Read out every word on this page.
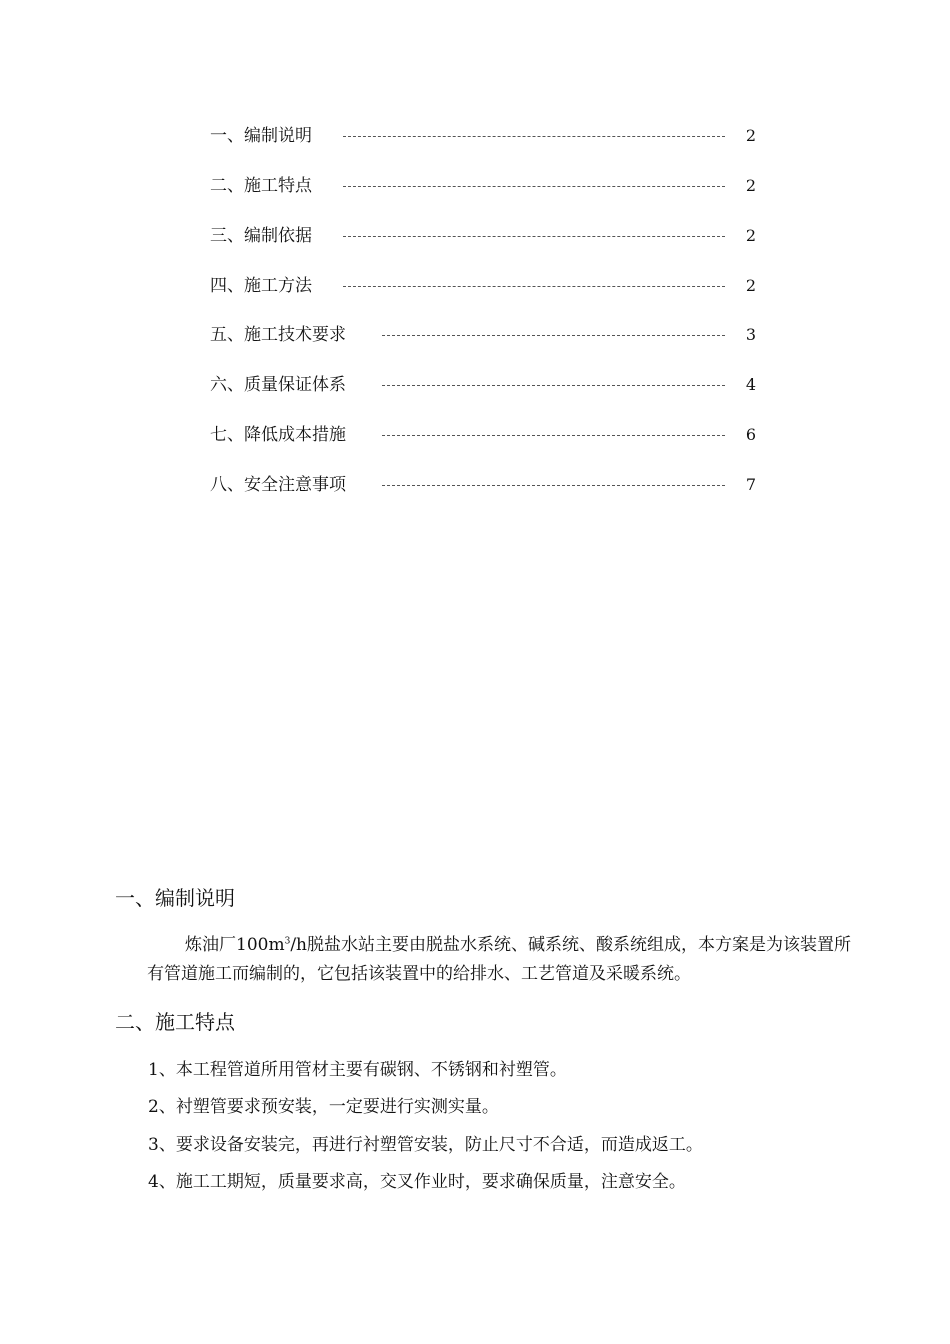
一、编制说明	2
二、施工特点	2
三、编制依据	2
四、施工方法	2
五、施工技术要求	3
六、质量保证体系	4
七、降低成本措施	6
八、安全注意事项	7
一、编制说明
炼油厂$100m^3/h$脱盐水站主要由脱盐水系统、碱系统、酸系统组成，本方案是为该装置所有管道施工而编制的，它包括该装置中的给排水、工艺管道及采暖系统。
二、施工特点
1、本工程管道所用管材主要有碳钢、不锈钢和衬塑管。
2、衬塑管要求预安装，一定要进行实测实量。
3、要求设备安装完，再进行衬塑管安装，防止尺寸不合适，而造成返工。
4、施工工期短，质量要求高，交叉作业时，要求确保质量，注意安全。
